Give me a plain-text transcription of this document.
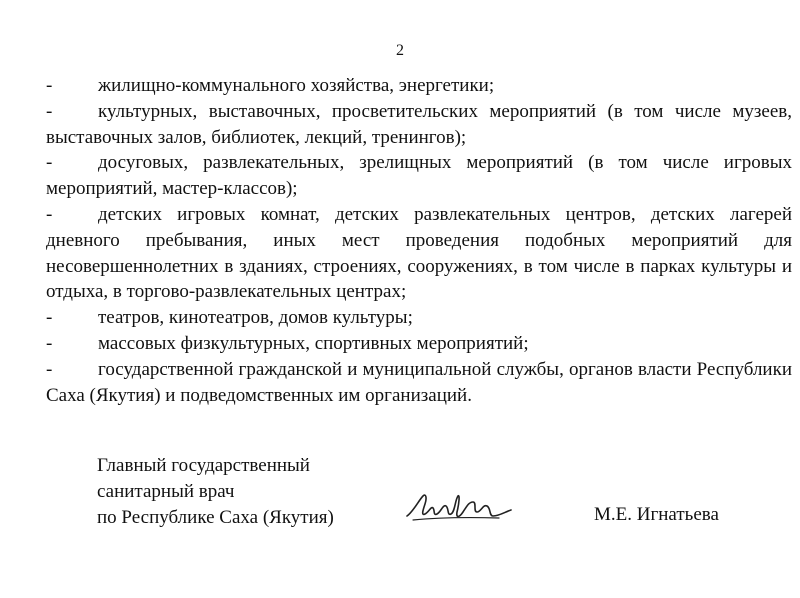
2

- жилищно-коммунального хозяйства, энергетики;

- культурных, выставочных, просветительских мероприятий (в том числе музеев, выставочных залов, библиотек, лекций, тренингов);

- досуговых, развлекательных, зрелищных мероприятий (в том числе игровых мероприятий, мастер-классов);

- детских игровых комнат, детских развлекательных центров, детских лагерей дневного пребывания, иных мест проведения подобных мероприятий для несовершеннолетних в зданиях, строениях, сооружениях, в том числе в парках культуры и отдыха, в торгово-развлекательных центрах;

- театров, кинотеатров, домов культуры;

- массовых физкультурных, спортивных мероприятий;

- государственной гражданской и муниципальной службы, органов власти Республики Саха (Якутия) и подведомственных им организаций.

Главный государственный
санитарный врач
по Республике Саха (Якутия)	М.Е. Игнатьева
